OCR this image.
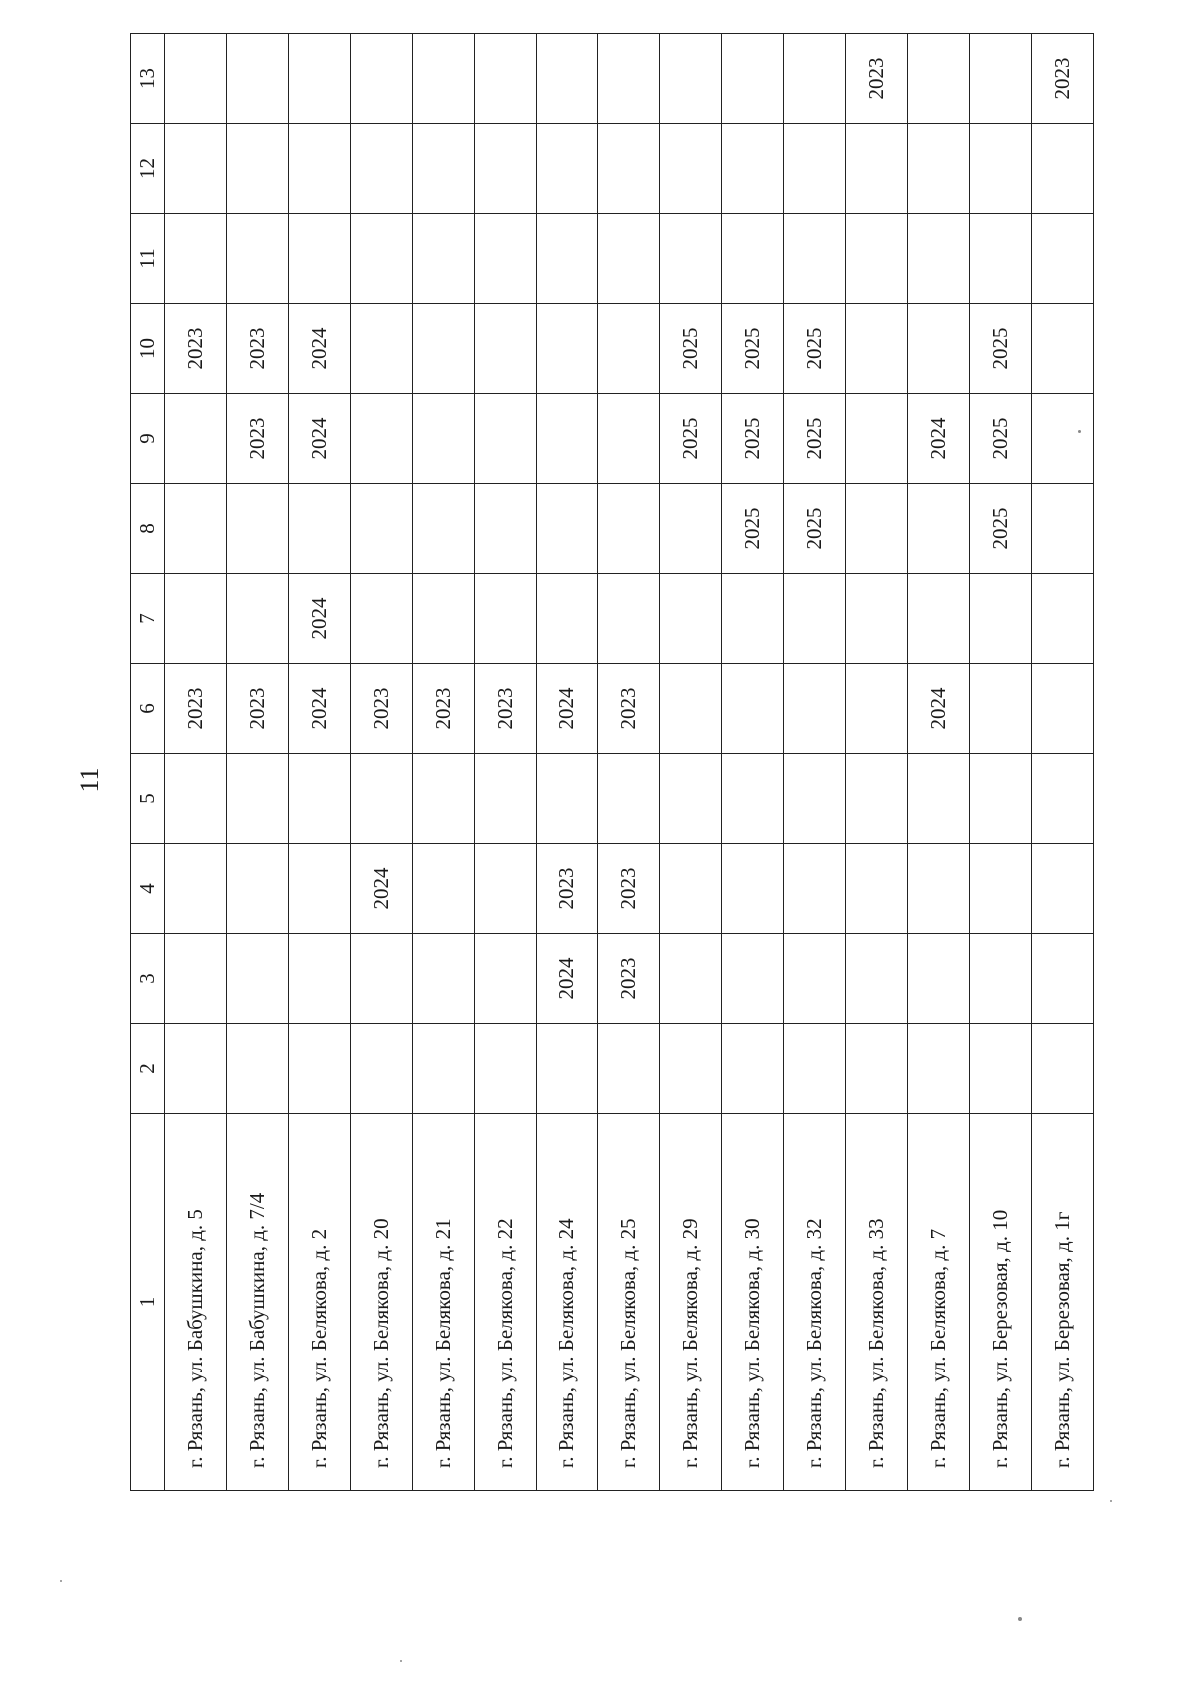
11
1	2	3	4	5	6	7	8	9	10	11	12	13
г. Рязань, ул. Бабушкина, д. 5					2023				2023			
г. Рязань, ул. Бабушкина, д. 7/4					2023			2023	2023			
г. Рязань, ул. Белякова, д. 2					2024	2024		2024	2024			
г. Рязань, ул. Белякова, д. 20			2024		2023							
г. Рязань, ул. Белякова, д. 21					2023							
г. Рязань, ул. Белякова, д. 22					2023							
г. Рязань, ул. Белякова, д. 24		2024	2023		2024							
г. Рязань, ул. Белякова, д. 25		2023	2023		2023							
г. Рязань, ул. Белякова, д. 29								2025	2025			
г. Рязань, ул. Белякова, д. 30							2025	2025	2025			
г. Рязань, ул. Белякова, д. 32							2025	2025	2025			
г. Рязань, ул. Белякова, д. 33												2023
г. Рязань, ул. Белякова, д. 7					2024			2024				
г. Рязань, ул. Березовая, д. 10							2025	2025	2025			
г. Рязань, ул. Березовая, д. 1г												2023
